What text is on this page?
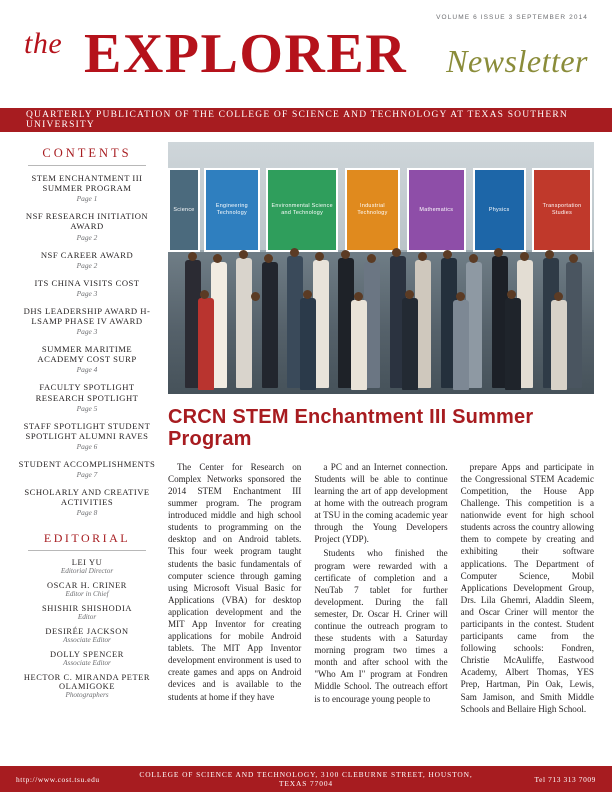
VOLUME 6 ISSUE 3 SEPTEMBER 2014
the EXPLORER Newsletter
QUARTERLY PUBLICATION OF THE COLLEGE OF SCIENCE AND TECHNOLOGY AT TEXAS SOUTHERN UNIVERSITY
CONTENTS
STEM ENCHANTMENT III SUMMER PROGRAM
Page 1
NSF RESEARCH INITIATION AWARD
Page 2
NSF CAREER AWARD
Page 2
ITS CHINA VISITS COST
Page 3
DHS LEADERSHIP AWARD H-LSAMP PHASE IV AWARD
Page 3
SUMMER MARITIME ACADEMY COST SURP
Page 4
FACULTY SPOTLIGHT RESEARCH SPOTLIGHT
Page 5
STAFF SPOTLIGHT STUDENT SPOTLIGHT ALUMNI RAVES
Page 6
STUDENT ACCOMPLISHMENTS
Page 7
SCHOLARLY AND CREATIVE ACTIVITIES
Page 8
EDITORIAL
LEI YU
Editorial Director
OSCAR H. CRINER
Editor in Chief
SHISHIR SHISHODIA
Editor
DESIRÉE JACKSON
Associate Editor
DOLLY SPENCER
Associate Editor
HECTOR C. MIRANDA PETER OLAMIGOKE
Photographers
Science
Engineering Technology
Environmental Science and Technology
Industrial Technology
Mathematics	Physics
Transportation Studies
CRCN STEM Enchantment III Summer Program

The Center for Research on Complex Networks sponsored the 2014 STEM Enchantment III summer program. The program introduced middle and high school students to programming on the desktop and on Android tablets. This four week program taught students the basic fundamentals of computer science through gaming using Microsoft Visual Basic for Applications (VBA) for desktop application development and the MIT App Inventor for creating applications for mobile Android tablets. The MIT App Inventor development environment is used to create games and apps on Android devices and is available to the students at home if they have

a PC and an Internet connection. Students will be able to continue learning the art of app development at home with the outreach program at TSU in the coming academic year through the Young Developers Project (YDP).

Students who finished the program were rewarded with a certificate of completion and a NeuTab 7 tablet for further development. During the fall semester, Dr. Oscar H. Criner will continue the outreach program to these students with a Saturday morning program two times a month and after school with the "Who Am I" program at Fondren Middle School. The outreach effort is to encourage young people to

prepare Apps and participate in the Congressional STEM Academic Competition, the House App Challenge. This competition is a nationwide event for high school students across the country allowing them to compete by creating and exhibiting their software applications. The Department of Computer Science, Mobil Applications Development Group, Drs. Lila Ghemri, Aladdin Sleem, and Oscar Criner will mentor the participants in the contest. Student participants came from the following schools: Fondren, Christie McAuliffe, Eastwood Academy, Albert Thomas, YES Prep, Hartman, Pin Oak, Lewis, Sam Jamison, and Smith Middle Schools and Bellaire High School.

http://www.cost.tsu.edu	COLLEGE OF SCIENCE AND TECHNOLOGY, 3100 CLEBURNE STREET, HOUSTON, TEXAS 77004	Tel 713 313 7009
